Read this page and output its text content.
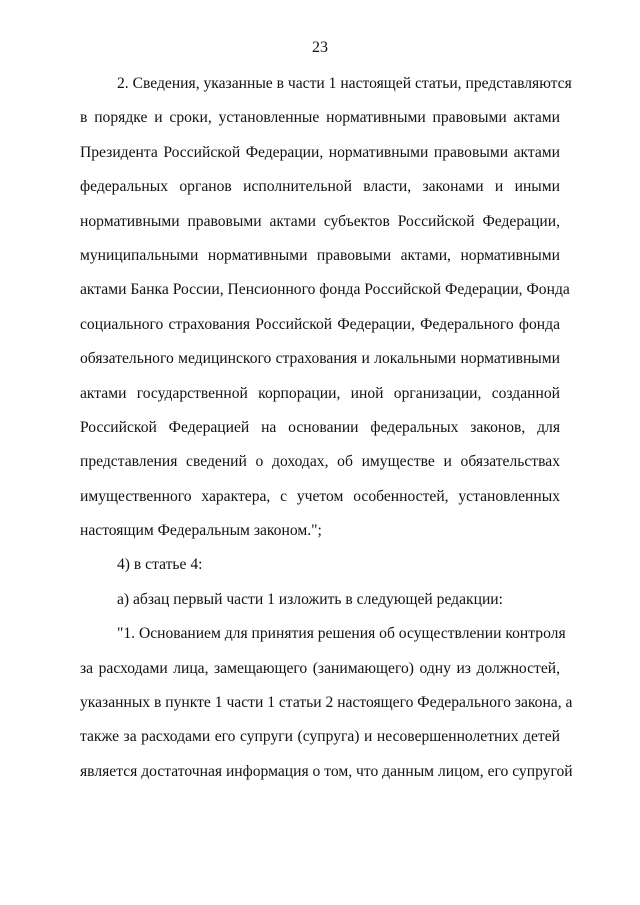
23
2. Сведения, указанные в части 1 настоящей статьи, представляются
в порядке и сроки, установленные нормативными правовыми актами
Президента Российской Федерации, нормативными правовыми актами
федеральных органов исполнительной власти, законами и иными
нормативными правовыми актами субъектов Российской Федерации,
муниципальными нормативными правовыми актами, нормативными
актами Банка России, Пенсионного фонда Российской Федерации, Фонда
социального страхования Российской Федерации, Федерального фонда
обязательного медицинского страхования и локальными нормативными
актами государственной корпорации, иной организации, созданной
Российской Федерацией на основании федеральных законов, для
представления сведений о доходах, об имуществе и обязательствах
имущественного характера, с учетом особенностей, установленных
настоящим Федеральным законом.";
4) в статье 4:
а) абзац первый части 1 изложить в следующей редакции:
"1. Основанием для принятия решения об осуществлении контроля
за расходами лица, замещающего (занимающего) одну из должностей,
указанных в пункте 1 части 1 статьи 2 настоящего Федерального закона, а
также за расходами его супруги (супруга) и несовершеннолетних детей
является достаточная информация о том, что данным лицом, его супругой
